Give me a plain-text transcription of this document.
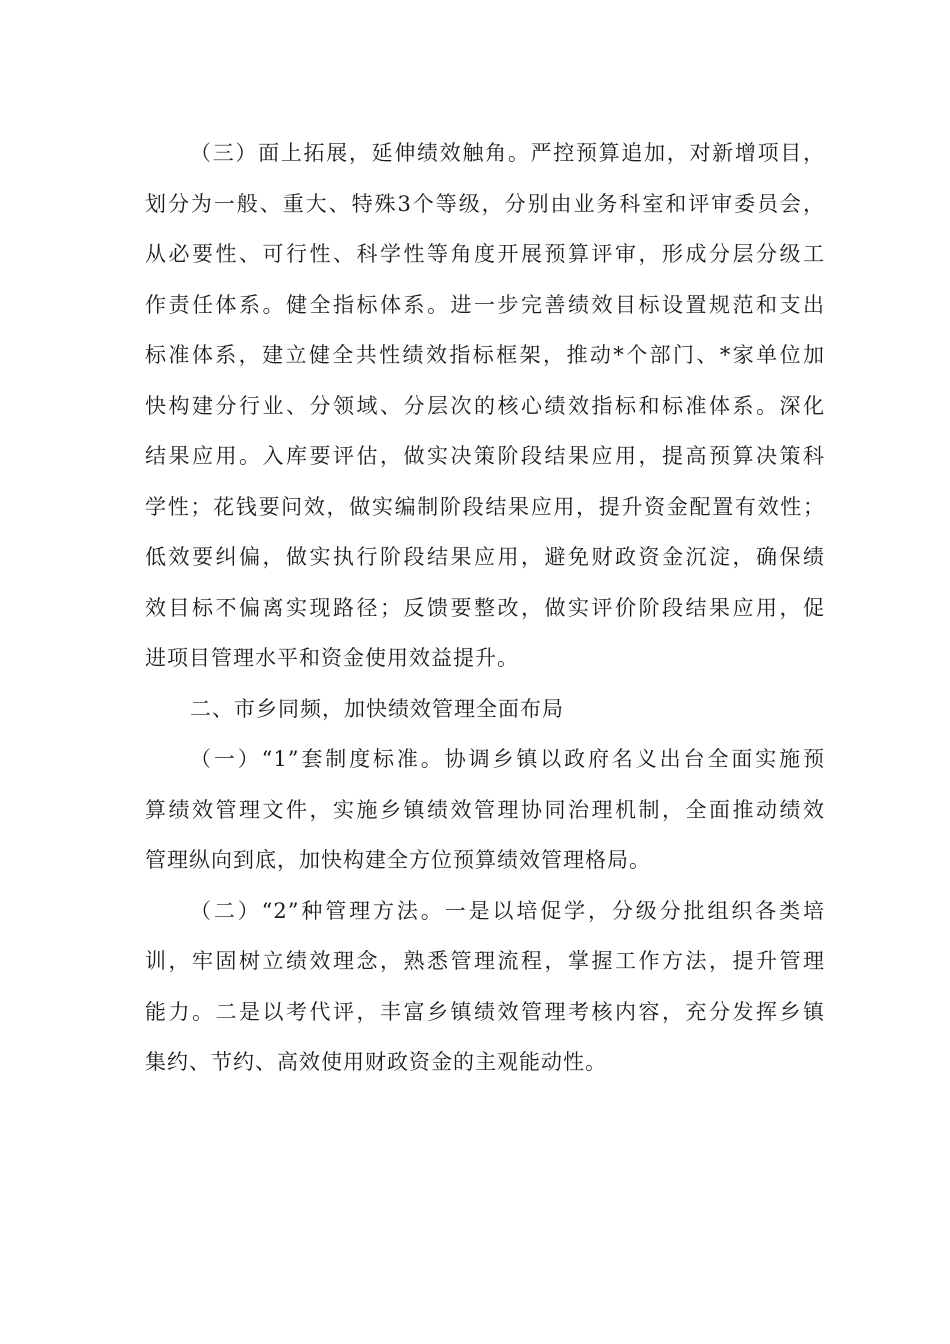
（三）面上拓展，延伸绩效触角。严控预算追加，对新增项目，
划分为一般、重大、特殊3个等级，分别由业务科室和评审委员会，
从必要性、可行性、科学性等角度开展预算评审，形成分层分级工
作责任体系。健全指标体系。进一步完善绩效目标设置规范和支出
标准体系，建立健全共性绩效指标框架，推动*个部门、*家单位加
快构建分行业、分领域、分层次的核心绩效指标和标准体系。深化
结果应用。入库要评估，做实决策阶段结果应用，提高预算决策科
学性；花钱要问效，做实编制阶段结果应用，提升资金配置有效性；
低效要纠偏，做实执行阶段结果应用，避免财政资金沉淀，确保绩
效目标不偏离实现路径；反馈要整改，做实评价阶段结果应用，促
进项目管理水平和资金使用效益提升。
二、市乡同频，加快绩效管理全面布局
（一）“1”套制度标准。协调乡镇以政府名义出台全面实施预
算绩效管理文件，实施乡镇绩效管理协同治理机制，全面推动绩效
管理纵向到底，加快构建全方位预算绩效管理格局。
（二）“2”种管理方法。一是以培促学，分级分批组织各类培
训，牢固树立绩效理念，熟悉管理流程，掌握工作方法，提升管理
能力。二是以考代评，丰富乡镇绩效管理考核内容，充分发挥乡镇
集约、节约、高效使用财政资金的主观能动性。
